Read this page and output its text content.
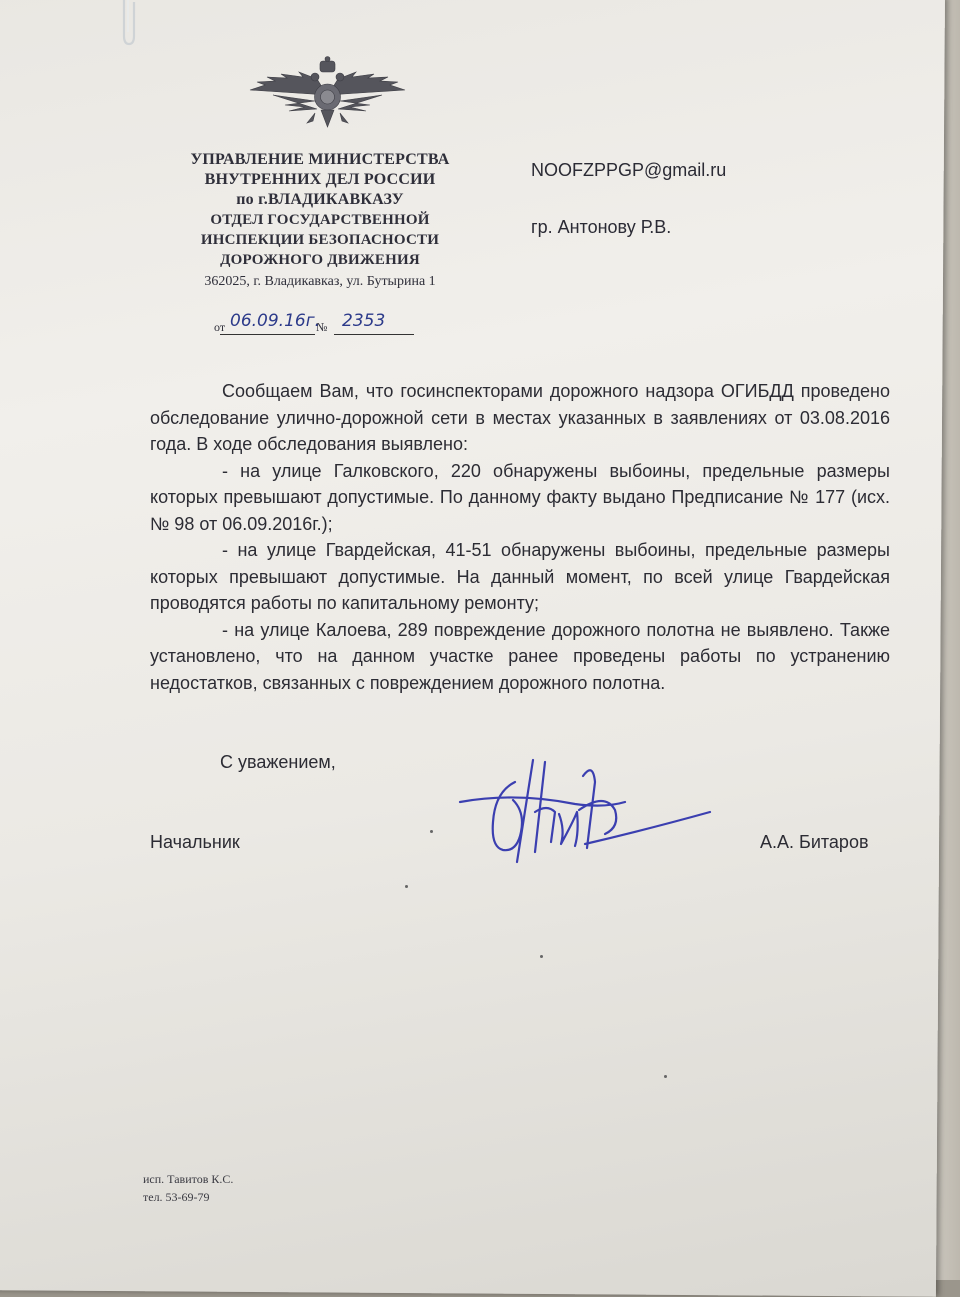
УПРАВЛЕНИЕ МИНИСТЕРСТВА
ВНУТРЕННИХ ДЕЛ РОССИИ
по г.ВЛАДИКАВКАЗУ
ОТДЕЛ ГОСУДАРСТВЕННОЙ
ИНСПЕКЦИИ БЕЗОПАСНОСТИ
ДОРОЖНОГО ДВИЖЕНИЯ
362025, г. Владикавказ, ул. Бутырина 1
от	№
06.09.16г. 2353
NOOFZPPGP@gmail.ru
гр. Антонову Р.В.

Сообщаем Вам, что госинспекторами дорожного надзора ОГИБДД проведено обследование улично-дорожной сети в местах указанных в заявлениях от 03.08.2016 года. В ходе обследования выявлено:

- на улице Галковского, 220 обнаружены выбоины, предельные размеры которых превышают допустимые. По данному факту выдано Предписание № 177 (исх. № 98 от 06.09.2016г.);

- на улице Гвардейская, 41-51 обнаружены выбоины, предельные размеры которых превышают допустимые. На данный момент, по всей улице Гвардейская проводятся работы по капитальному ремонту;

- на улице Калоева, 289 повреждение дорожного полотна не выявлено. Также установлено, что на данном участке ранее проведены работы по устранению недостатков, связанных с повреждением дорожного полотна.

С уважением,
Начальник	А.А. Битаров
исп. Тавитов К.С.
тел. 53-69-79
